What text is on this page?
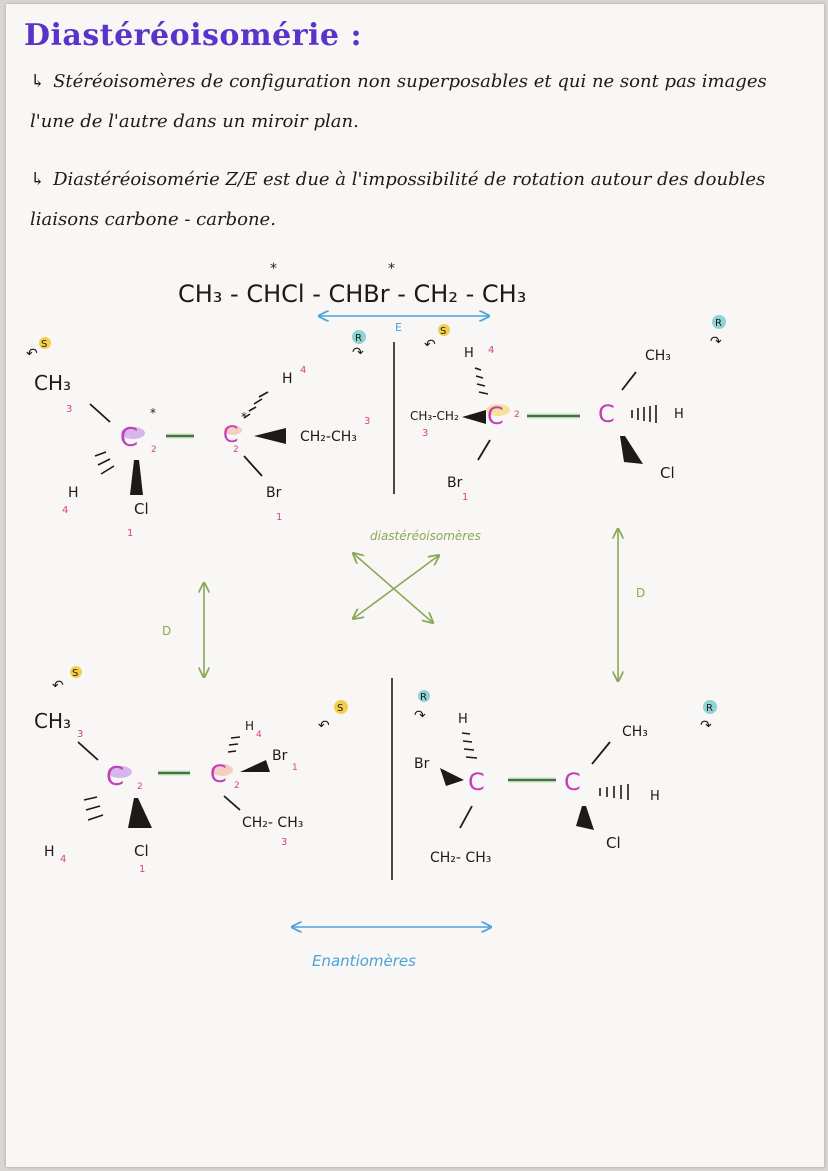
Diastéréoisomérie :
↳ Stéréoisomères de configuration non superposables et qui ne sont pas images l'une de l'autre dans un miroir plan.
↳ Diastéréoisomérie Z/E est due à l'impossibilité de rotation autour des doubles liaisons carbone - carbone.
CH₃ - CHCl - CHBr - CH₂ - CH₃
*	*
E
S
↶
CH₃
3
C
*
2
H
4	Cl
1
C
*
2
H
4
CH₂-CH₃
3
Br
1
R
↷
S
↶
H 4
CH₃-CH₂
3
C 2
Br
1
C
CH₃
H
Cl
R
↷
diastéréoisomères
D
D
S
↶
CH₃
3
C 2
H 4	Cl
1
C 2
H
4
Br
1
CH₂- CH₃
3
S
↶
R
↷ H
Br
C
CH₂- CH₃
C
CH₃
H
Cl
R
↷
Enantiomères
